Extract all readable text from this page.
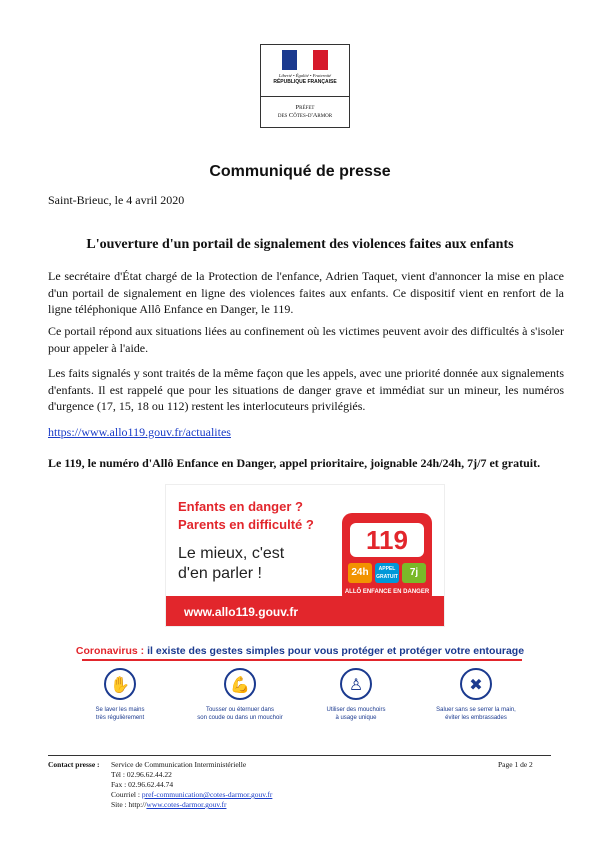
Liberté • Égalité • Fraternité
RÉPUBLIQUE FRANÇAISE
Préfet
des Côtes-d'Armor
Communiqué de presse
Saint-Brieuc, le 4 avril 2020
L'ouverture d'un portail de signalement des violences faites aux enfants
Le secrétaire d'État chargé de la Protection de l'enfance, Adrien Taquet, vient d'annoncer la mise en place d'un portail de signalement en ligne des violences faites aux enfants. Ce dispositif vient en renfort de la ligne téléphonique Allô Enfance en Danger, le 119.
Ce portail répond aux situations liées au confinement où les victimes peuvent avoir des difficultés à s'isoler pour appeler à l'aide.
Les faits signalés y sont traités de la même façon que les appels, avec une priorité donnée aux signalements d'enfants. Il est rappelé que pour les situations de danger grave et immédiat sur un mineur, les numéros d'urgence (17, 15, 18 ou 112) restent les interlocuteurs privilégiés.
https://www.allo119.gouv.fr/actualites
Le 119, le numéro d'Allô Enfance en Danger, appel prioritaire, joignable 24h/24h, 7j/7 et gratuit.
Enfants en danger ?
Parents en difficulté ?
Le mieux, c'est
d'en parler !
119
24h	APPEL GRATUIT	7j
ALLÔ ENFANCE EN DANGER
www.allo119.gouv.fr
Coronavirus : il existe des gestes simples pour vous protéger et protéger votre entourage
✋
Se laver les mains
très régulièrement
💪
Tousser ou éternuer dans
son coude ou dans un mouchoir
♙
Utiliser des mouchoirs
à usage unique
✖
Saluer sans se serrer la main,
éviter les embrassades
Contact presse : Service de Communication Interministérielle
Tél : 02.96.62.44.22
Fax : 02.96.62.44.74
Courriel : pref-communication@cotes-darmor.gouv.fr
Site : http://www.cotes-darmor.gouv.fr
Page 1 de 2
